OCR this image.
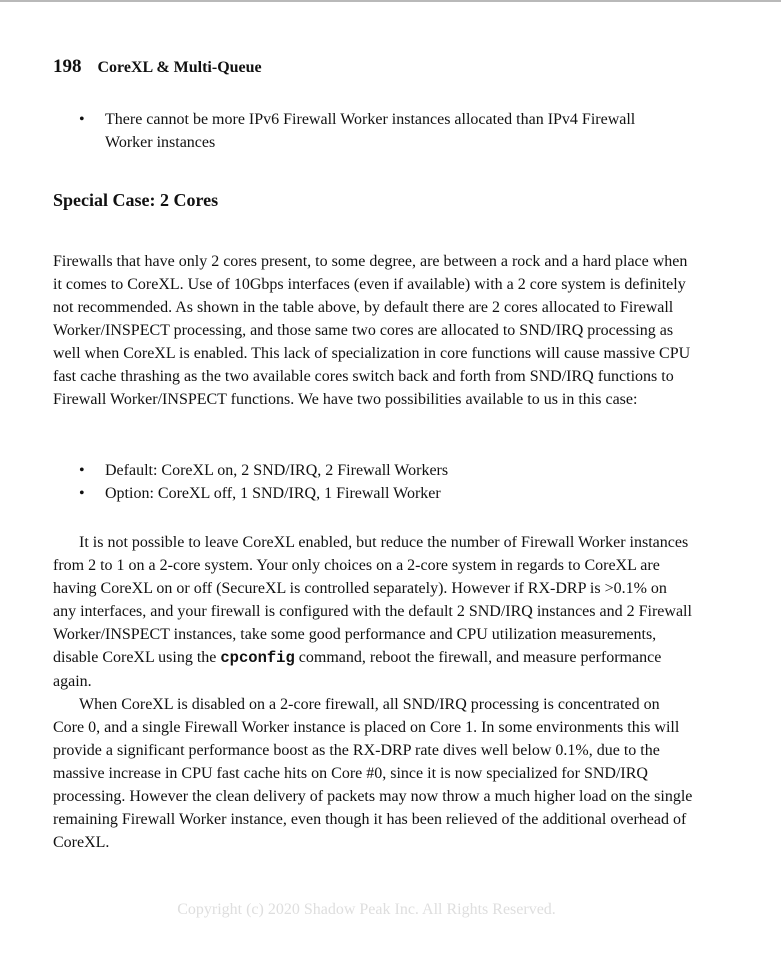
198 CoreXL & Multi-Queue
• There cannot be more IPv6 Firewall Worker instances allocated than IPv4 Firewall Worker instances
Special Case: 2 Cores

Firewalls that have only 2 cores present, to some degree, are between a rock and a hard place when it comes to CoreXL. Use of 10Gbps interfaces (even if available) with a 2 core system is definitely not recommended. As shown in the table above, by default there are 2 cores allocated to Firewall Worker/INSPECT processing, and those same two cores are allocated to SND/IRQ processing as well when CoreXL is enabled. This lack of specialization in core functions will cause massive CPU fast cache thrashing as the two available cores switch back and forth from SND/IRQ functions to Firewall Worker/INSPECT functions. We have two possibilities available to us in this case:

• Default: CoreXL on, 2 SND/IRQ, 2 Firewall Workers
• Option: CoreXL off, 1 SND/IRQ, 1 Firewall Worker

It is not possible to leave CoreXL enabled, but reduce the number of Firewall Worker instances from 2 to 1 on a 2-core system. Your only choices on a 2-core system in regards to CoreXL are having CoreXL on or off (SecureXL is controlled separately). However if RX-DRP is >0.1% on any interfaces, and your firewall is configured with the default 2 SND/IRQ instances and 2 Firewall Worker/INSPECT instances, take some good performance and CPU utilization measurements, disable CoreXL using the cpconfig command, reboot the firewall, and measure performance again.

When CoreXL is disabled on a 2-core firewall, all SND/IRQ processing is concentrated on Core 0, and a single Firewall Worker instance is placed on Core 1. In some environments this will provide a significant performance boost as the RX-DRP rate dives well below 0.1%, due to the massive increase in CPU fast cache hits on Core #0, since it is now specialized for SND/IRQ processing. However the clean delivery of packets may now throw a much higher load on the single remaining Firewall Worker instance, even though it has been relieved of the additional overhead of CoreXL.

Copyright (c) 2020 Shadow Peak Inc. All Rights Reserved.
